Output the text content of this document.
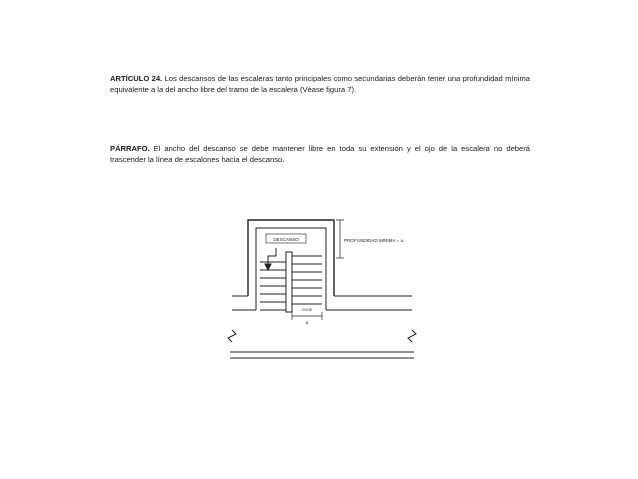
ARTÍCULO 24. Los descansos de las escaleras tanto principales como secundarias deberán tener una profundidad mínima equivalente a la del ancho libre del tramo de la escalera (Véase figura 7).
PÁRRAFO. El ancho del descanso se debe mantener libre en toda su extensión y el ojo de la escalera no deberá trascender la línea de escalones hacia el descanso.
DESCANSO	PROFUNDIDAD MINIMA = a
a
OVOE
